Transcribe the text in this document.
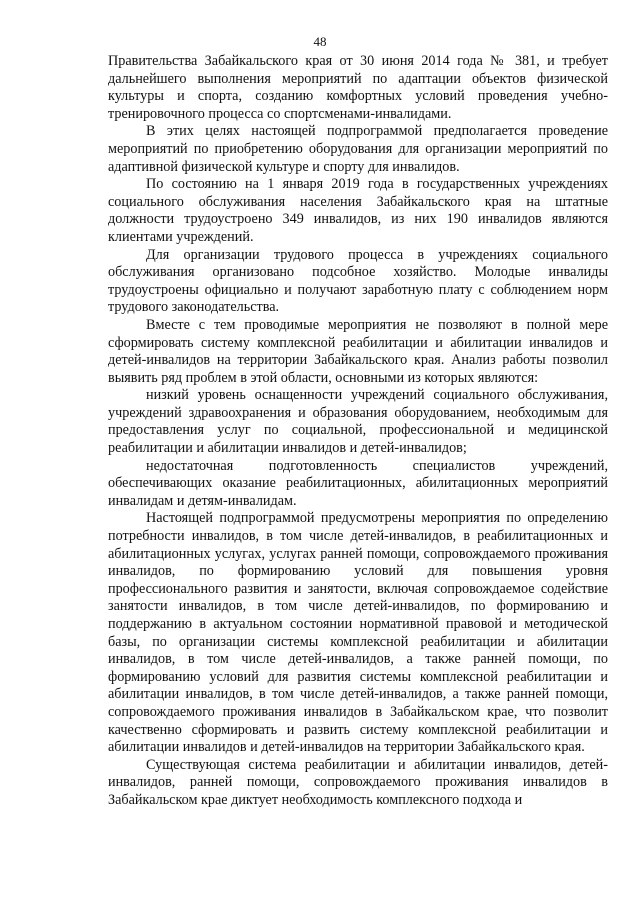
48

Правительства Забайкальского края от 30 июня 2014 года № 381, и требует дальнейшего выполнения мероприятий по адаптации объектов физической культуры и спорта, созданию комфортных условий проведения учебно-тренировочного процесса со спортсменами-инвалидами.

В этих целях настоящей подпрограммой предполагается проведение мероприятий по приобретению оборудования для организации мероприятий по адаптивной физической культуре и спорту для инвалидов.

По состоянию на 1 января 2019 года в государственных учреждениях социального обслуживания населения Забайкальского края на штатные должности трудоустроено 349 инвалидов, из них 190 инвалидов являются клиентами учреждений.

Для организации трудового процесса в учреждениях социального обслуживания организовано подсобное хозяйство. Молодые инвалиды трудоустроены официально и получают заработную плату с соблюдением норм трудового законодательства.

Вместе с тем проводимые мероприятия не позволяют в полной мере сформировать систему комплексной реабилитации и абилитации инвалидов и детей-инвалидов на территории Забайкальского края. Анализ работы позволил выявить ряд проблем в этой области, основными из которых являются:

низкий уровень оснащенности учреждений социального обслуживания, учреждений здравоохранения и образования оборудованием, необходимым для предоставления услуг по социальной, профессиональной и медицинской реабилитации и абилитации инвалидов и детей-инвалидов;

недостаточная подготовленность специалистов учреждений, обеспечивающих оказание реабилитационных, абилитационных мероприятий инвалидам и детям-инвалидам.

Настоящей подпрограммой предусмотрены мероприятия по определению потребности инвалидов, в том числе детей-инвалидов, в реабилитационных и абилитационных услугах, услугах ранней помощи, сопровождаемого проживания инвалидов, по формированию условий для повышения уровня профессионального развития и занятости, включая сопровождаемое содействие занятости инвалидов, в том числе детей-инвалидов, по формированию и поддержанию в актуальном состоянии нормативной правовой и методической базы, по организации системы комплексной реабилитации и абилитации инвалидов, в том числе детей-инвалидов, а также ранней помощи, по формированию условий для развития системы комплексной реабилитации и абилитации инвалидов, в том числе детей-инвалидов, а также ранней помощи, сопровождаемого проживания инвалидов в Забайкальском крае, что позволит качественно сформировать и развить систему комплексной реабилитации и абилитации инвалидов и детей-инвалидов на территории Забайкальского края.

Существующая система реабилитации и абилитации инвалидов, детей-инвалидов, ранней помощи, сопровождаемого проживания инвалидов в Забайкальском крае диктует необходимость комплексного подхода и
